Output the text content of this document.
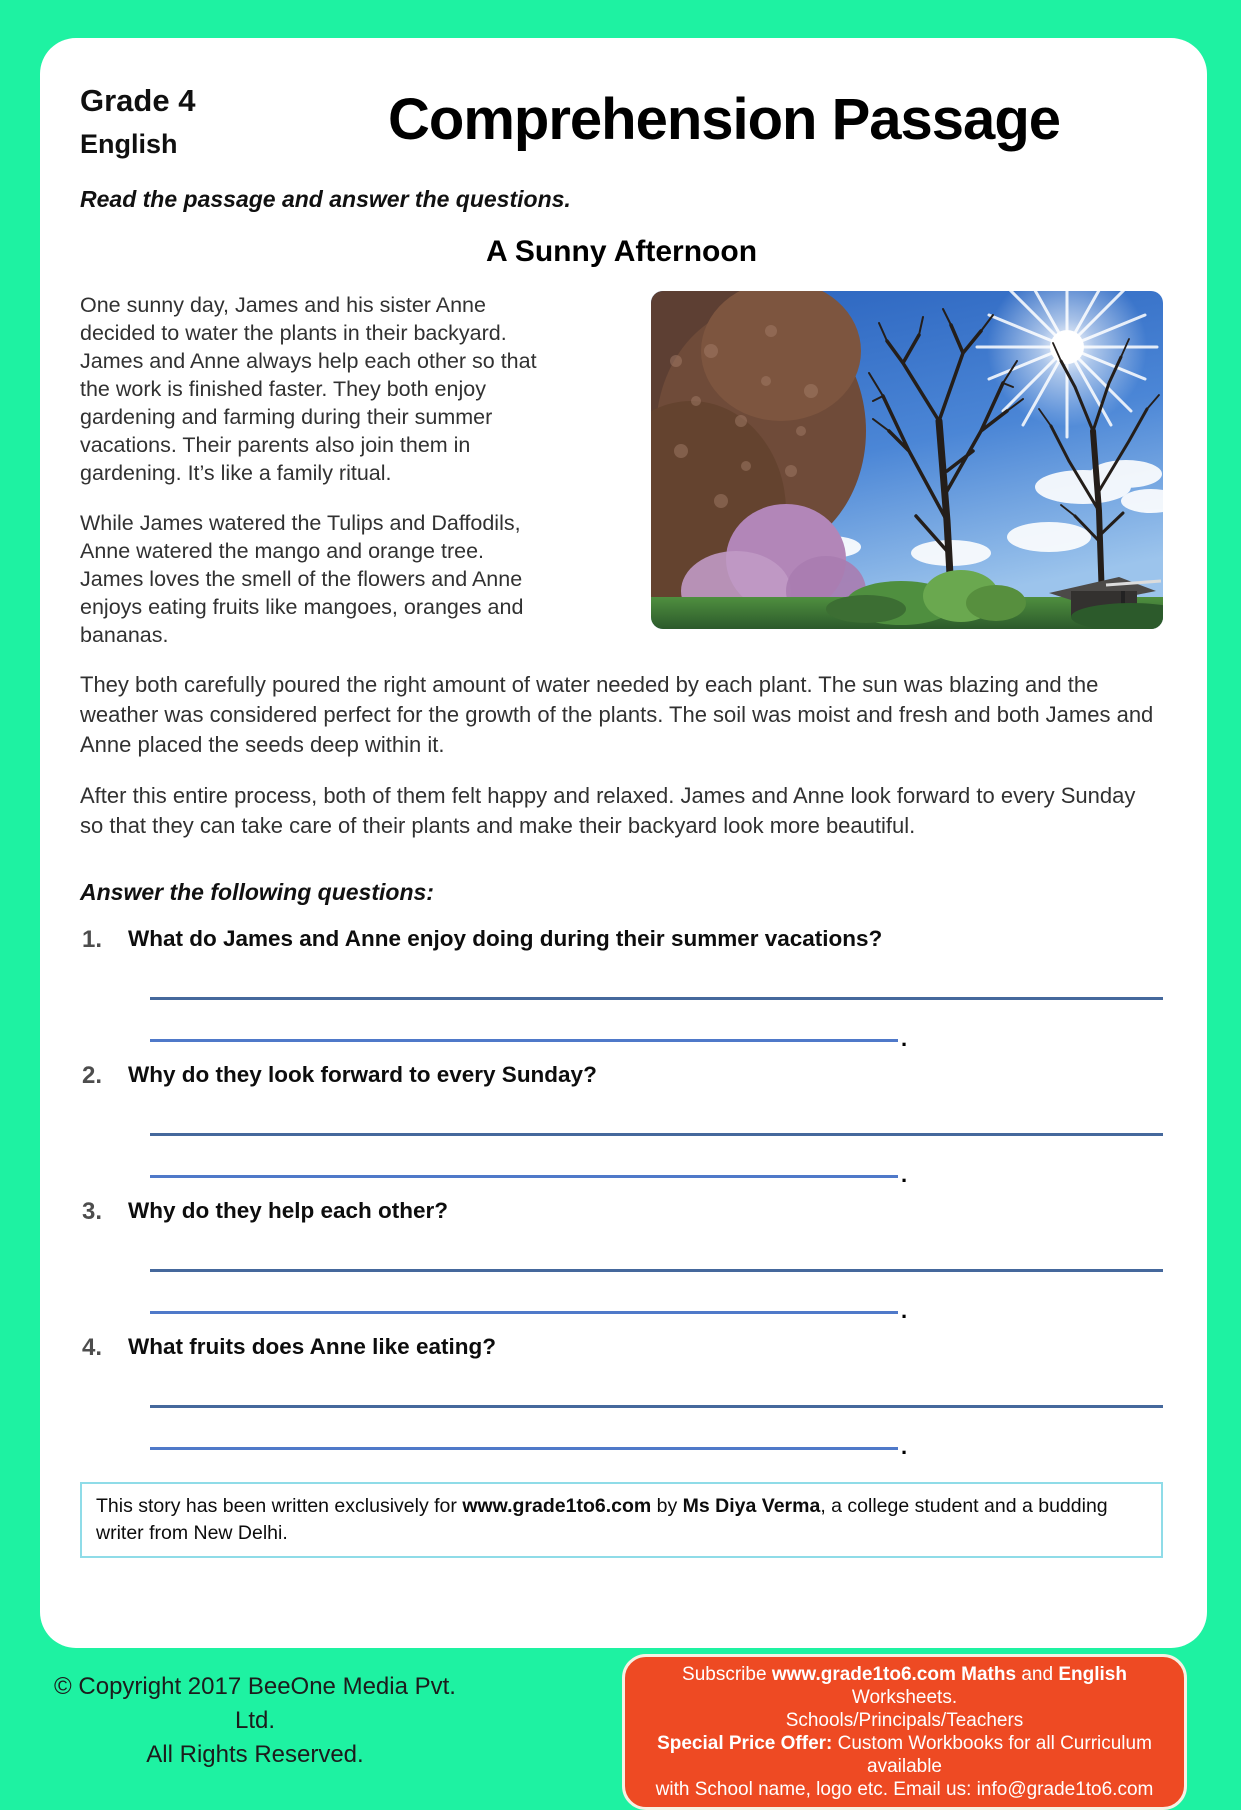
Grade 4
English	Comprehension Passage
Read the passage and answer the questions.
A Sunny Afternoon

One sunny day, James and his sister Anne decided to water the plants in their backyard. James and Anne always help each other so that the work is finished faster. They both enjoy gardening and farming during their summer vacations. Their parents also join them in gardening. It’s like a family ritual.

While James watered the Tulips and Daffodils, Anne watered the mango and orange tree. James loves the smell of the flowers and Anne enjoys eating fruits like mangoes, oranges and bananas.

They both carefully poured the right amount of water needed by each plant. The sun was blazing and the weather was considered perfect for the growth of the plants. The soil was moist and fresh and both James and Anne placed the seeds deep within it.
After this entire process, both of them felt happy and relaxed. James and Anne look forward to every Sunday so that they can take care of their plants and make their backyard look more beautiful.
Answer the following questions:
1.	What do James and Anne enjoy doing during their summer vacations?
.
2.	Why do they look forward to every Sunday?
.
3.	Why do they help each other?
.
4.	What fruits does Anne like eating?
.
This story has been written exclusively for www.grade1to6.com by Ms Diya Verma, a college student and a budding writer from New Delhi.
© Copyright 2017 BeeOne Media Pvt. Ltd.
All Rights Reserved.
Subscribe www.grade1to6.com Maths and English Worksheets.
Schools/Principals/Teachers
Special Price Offer: Custom Workbooks for all Curriculum available
with School name, logo etc. Email us: info@grade1to6.com
